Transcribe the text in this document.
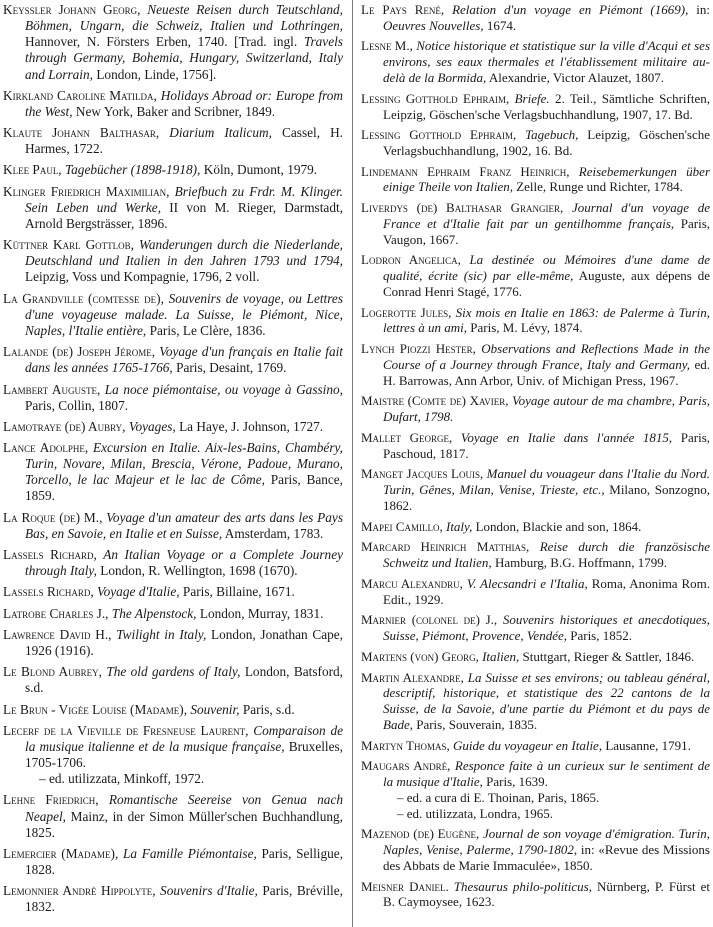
Keyßler Johann Georg, Neueste Reisen durch Teutschland, Böhmen, Ungarn, die Schweiz, Italien und Lothringen, Hannover, N. Försters Erben, 1740. [Trad. ingl. Travels through Germany, Bohemia, Hungary, Switzerland, Italy and Lorrain, London, Linde, 1756].
Kirkland Caroline Matilda, Holidays Abroad or: Europe from the West, New York, Baker and Scribner, 1849.
Klaute Johann Balthasar, Diarium Italicum, Cassel, H. Harmes, 1722.
Klee Paul, Tagebücher (1898-1918), Köln, Dumont, 1979.
Klinger Friedrich Maximilian, Briefbuch zu Frdr. M. Klinger. Sein Leben und Werke, II von M. Rieger, Darmstadt, Arnold Bergsträsser, 1896.
Küttner Karl Gottlob, Wanderungen durch die Niederlande, Deutschland und Italien in den Jahren 1793 und 1794, Leipzig, Voss und Kompagnie, 1796, 2 voll.
La Grandville (comtesse de), Souvenirs de voyage, ou Lettres d'une voyageuse malade. La Suisse, le Piémont, Nice, Naples, l'Italie entière, Paris, Le Clère, 1836.
Lalande (de) Joseph Jérome, Voyage d'un français en Italie fait dans les années 1765-1766, Paris, Desaint, 1769.
Lambert Auguste, La noce piémontaise, ou voyage à Gassino, Paris, Collin, 1807.
Lamotraye (de) Aubry, Voyages, La Haye, J. Johnson, 1727.
Lance Adolphe, Excursion en Italie. Aix-les-Bains, Chambéry, Turin, Novare, Milan, Brescia, Vérone, Padoue, Murano, Torcello, le lac Majeur et le lac de Côme, Paris, Bance, 1859.
La Roque (de) M., Voyage d'un amateur des arts dans les Pays Bas, en Savoie, en Italie et en Suisse, Amsterdam, 1783.
Lassels Richard, An Italian Voyage or a Complete Journey through Italy, London, R. Wellington, 1698 (1670).
Lassels Richard, Voyage d'Italie, Paris, Billaine, 1671.
Latrobe Charles J., The Alpenstock, London, Murray, 1831.
Lawrence David H., Twilight in Italy, London, Jonathan Cape, 1926 (1916).
Le Blond Aubrey, The old gardens of Italy, London, Batsford, s.d.
Le Brun - Vigée Louise (Madame), Souvenir, Paris, s.d.
Lecerf de la Vieville de Fresneuse Laurent, Comparaison de la musique italienne et de la musique française, Bruxelles, 1705-1706.
– ed. utilizzata, Minkoff, 1972.
Lehne Friedrich, Romantische Seereise von Genua nach Neapel, Mainz, in der Simon Müller'schen Buchhandlung, 1825.
Lemercier (Madame), La Famille Piémontaise, Paris, Selligue, 1828.
Lemonnier André Hippolyte, Souvenirs d'Italie, Paris, Bréville, 1832.
Le Pays René, Relation d'un voyage en Piémont (1669), in: Oeuvres Nouvelles, 1674.
Lesne M., Notice historique et statistique sur la ville d'Acqui et ses environs, ses eaux thermales et l'établissement militaire au-delà de la Bormida, Alexandrie, Victor Alauzet, 1807.
Lessing Gotthold Ephraim, Briefe. 2. Teil., Sämtliche Schriften, Leipzig, Göschen'sche Verlagsbuchhandlung, 1907, 17. Bd.
Lessing Gotthold Ephraim, Tagebuch, Leipzig, Göschen'sche Verlagsbuchhandlung, 1902, 16. Bd.
Lindemann Ephraim Franz Heinrich, Reisebemerkungen über einige Theile von Italien, Zelle, Runge und Richter, 1784.
Liverdys (de) Balthasar Grangier, Journal d'un voyage de France et d'Italie fait par un gentilhomme français, Paris, Vaugon, 1667.
Lodron Angelica, La destinée ou Mémoires d'une dame de qualité, écrite (sic) par elle-même, Auguste, aux dépens de Conrad Henri Stagé, 1776.
Logerotte Jules, Six mois en Italie en 1863: de Palerme à Turin, lettres à un ami, Paris, M. Lévy, 1874.
Lynch Piozzi Hester, Observations and Reflections Made in the Course of a Journey through France, Italy and Germany, ed. H. Barrowas, Ann Arbor, Univ. of Michigan Press, 1967.
Maistre (Comte de) Xavier, Voyage autour de ma chambre, Paris, Dufart, 1798.
Mallet George, Voyage en Italie dans l'année 1815, Paris, Paschoud, 1817.
Manget Jacques Louis, Manuel du vouageur dans l'Italie du Nord. Turin, Gênes, Milan, Venise, Trieste, etc., Milano, Sonzogno, 1862.
Mapei Camillo, Italy, London, Blackie and son, 1864.
Marcard Heinrich Matthias, Reise durch die französische Schweitz und Italien, Hamburg, B.G. Hoffmann, 1799.
Marcu Alexandru, V. Alecsandri e l'Italia, Roma, Anonima Rom. Edit., 1929.
Marnier (colonel de) J., Souvenirs historiques et anecdotiques, Suisse, Piémont, Provence, Vendée, Paris, 1852.
Martens (von) Georg, Italien, Stuttgart, Rieger & Sattler, 1846.
Martin Alexandre, La Suisse et ses environs; ou tableau général, descriptif, historique, et statistique des 22 cantons de la Suisse, de la Savoie, d'une partie du Piémont et du pays de Bade, Paris, Souverain, 1835.
Martyn Thomas, Guide du voyageur en Italie, Lausanne, 1791.
Maugars André, Responce faite à un curieux sur le sentiment de la musique d'Italie, Paris, 1639.
– ed. a cura di E. Thoinan, Paris, 1865.
– ed. utilizzata, Londra, 1965.
Mazenod (de) Eugène, Journal de son voyage d'émigration. Turin, Naples, Venise, Palerme, 1790-1802, in: «Revue des Missions des Abbats de Marie Immaculée», 1850.
Meisner Daniel. Thesaurus philo-politicus, Nürnberg, P. Fürst et B. Caymoysee, 1623.
